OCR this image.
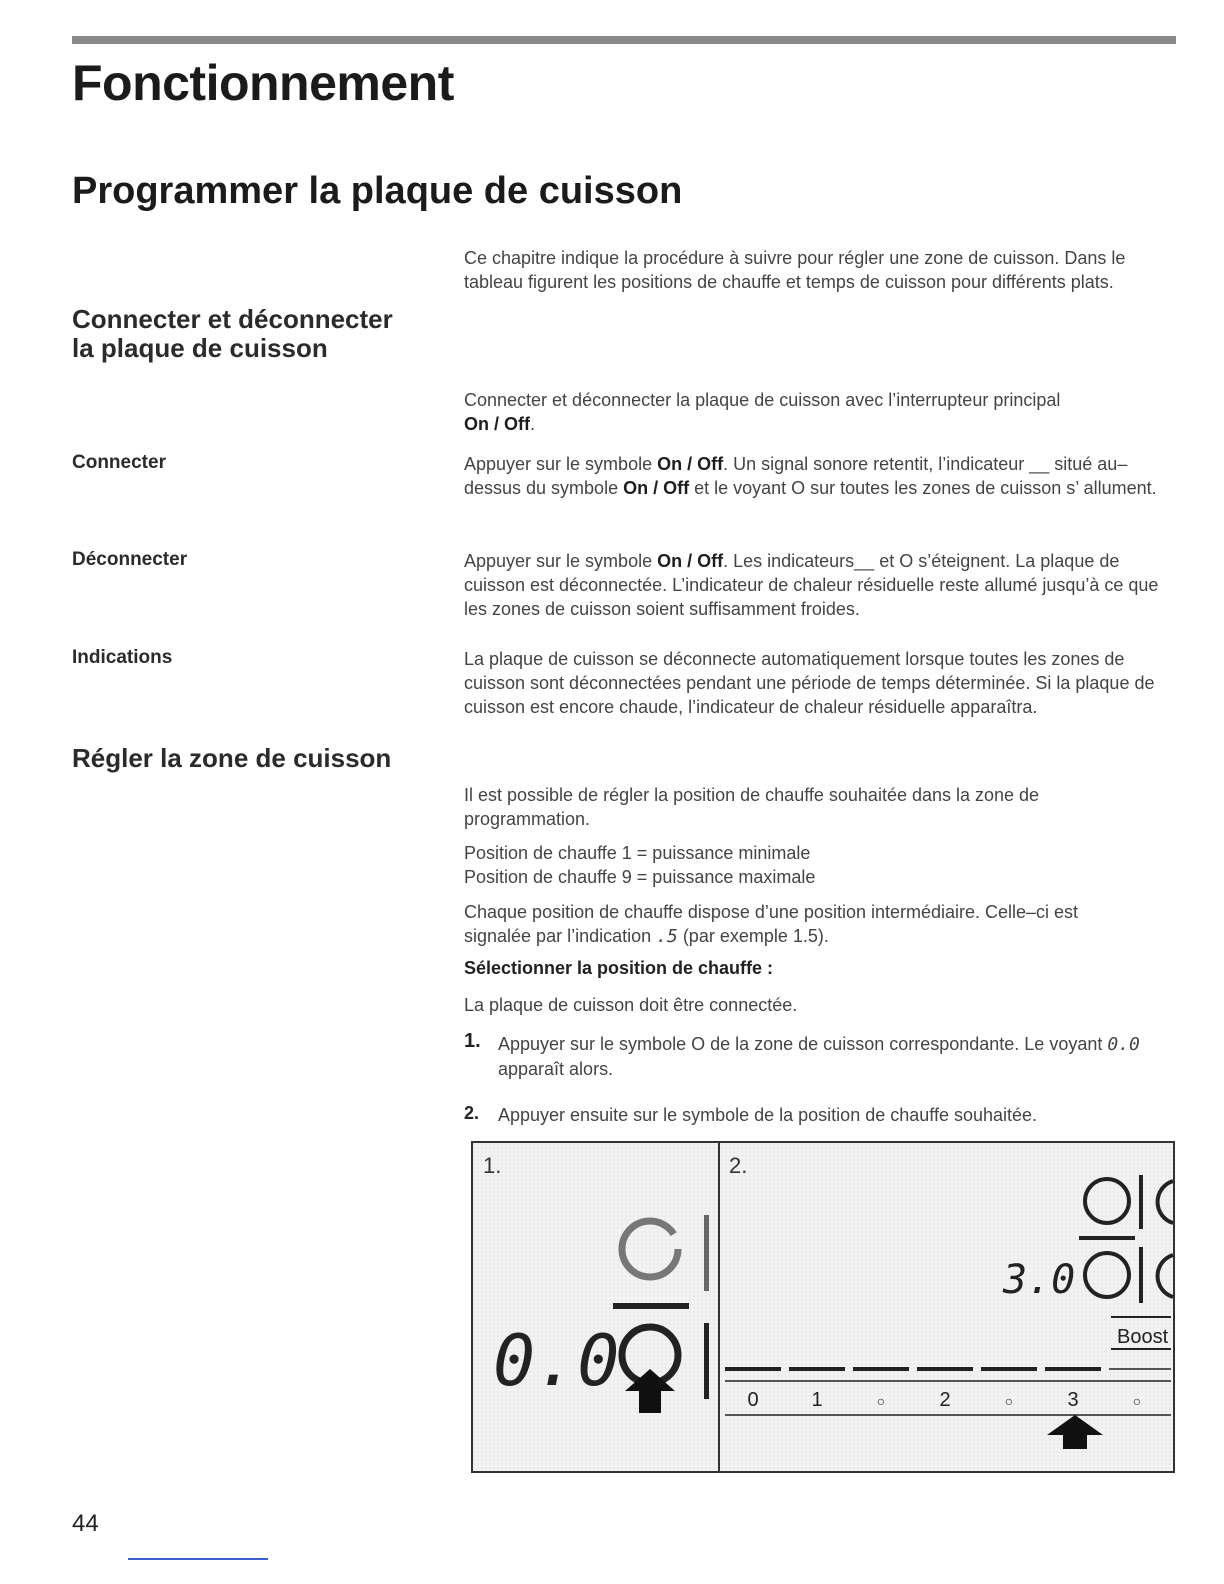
Fonctionnement
Programmer la plaque de cuisson
Ce chapitre indique la procédure à suivre pour régler une zone de cuisson. Dans le tableau figurent les positions de chauffe et temps de cuisson pour différents plats.
Connecter et déconnecter
la plaque de cuisson
Connecter et déconnecter la plaque de cuisson avec l’interrupteur principal On / Off.
Connecter	Appuyer sur le symbole On / Off. Un signal sonore retentit, l’indicateur __ situé au–dessus du symbole On / Off et le voyant O sur toutes les zones de cuisson s’ allument.
Déconnecter	Appuyer sur le symbole On / Off. Les indicateurs__ et O s’éteignent. La plaque de cuisson est déconnectée. L’indicateur de chaleur résiduelle reste allumé jusqu’à ce que les zones de cuisson soient suffisamment froides.
Indications	La plaque de cuisson se déconnecte automatiquement lorsque toutes les zones de cuisson sont déconnectées pendant une période de temps déterminée. Si la plaque de cuisson est encore chaude, l’indicateur de chaleur résiduelle apparaîtra.
Régler la zone de cuisson
Il est possible de régler la position de chauffe souhaitée dans la zone de programmation.
Position de chauffe 1 = puissance minimale
Position de chauffe 9 = puissance maximale
Chaque position de chauffe dispose d’une position intermédiaire. Celle–ci est signalée par l’indication .5 (par exemple 1.5).
Sélectionner la position de chauffe :
La plaque de cuisson doit être connectée.
1. Appuyer sur le symbole O de la zone de cuisson correspondante. Le voyant 0.0 apparaît alors.
2. Appuyer ensuite sur le symbole de la position de chauffe souhaitée.
1.
0.0
2.
3.0
Boost
0	1	○	2	○	3	○
44
